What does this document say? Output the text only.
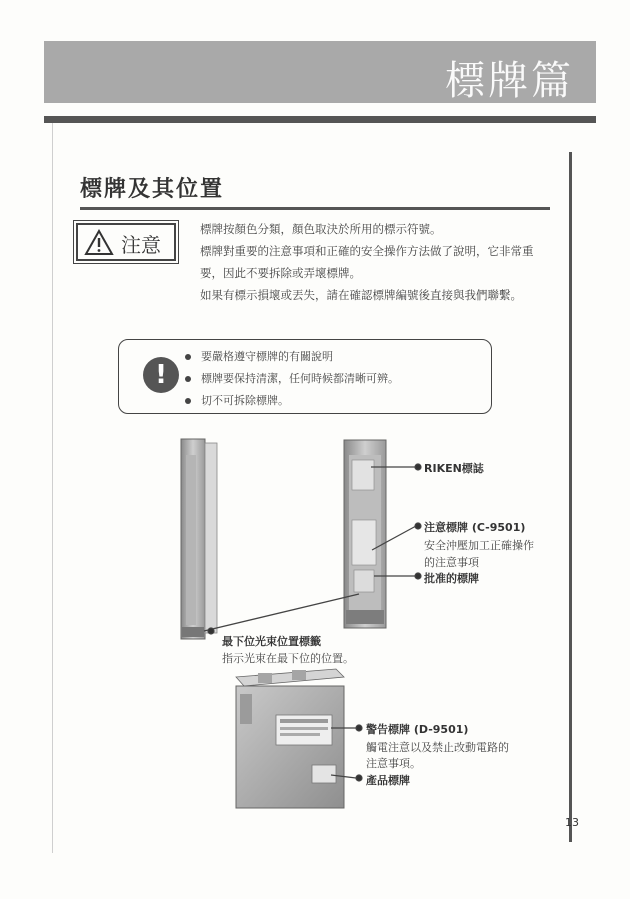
標牌篇
標牌及其位置
注意
標牌按顏色分類，顏色取決於所用的標示符號。
標牌對重要的注意事項和正確的安全操作方法做了說明，它非常重
要，因此不要拆除或弄壞標牌。
如果有標示損壞或丟失，請在確認標牌編號後直接與我們聯繫。
!
要嚴格遵守標牌的有關說明
標牌要保持清潔，任何時候都清晰可辨。
切不可拆除標牌。
RIKEN標誌
注意標牌 (C-9501)
安全沖壓加工正確操作
的注意事項
批准的標牌
最下位光束位置標籤
指示光束在最下位的位置。
警告標牌 (D-9501)
觸電注意以及禁止改動電路的
注意事項。
產品標牌
13
